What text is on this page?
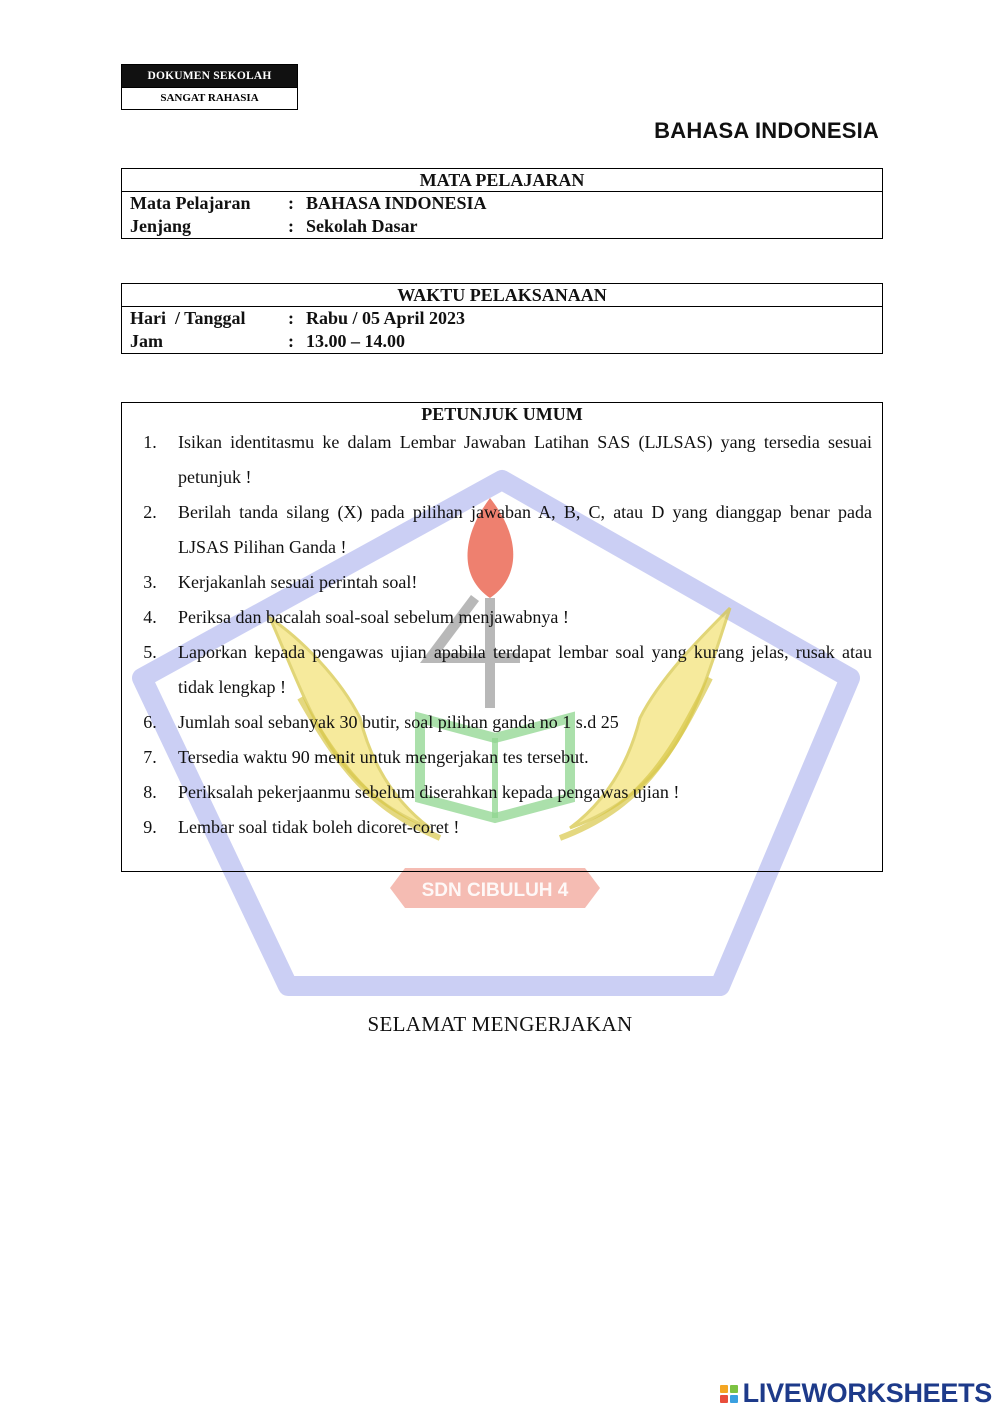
SDN CIBULUH 4
DOKUMEN SEKOLAH
SANGAT RAHASIA
BAHASA INDONESIA
MATA PELAJARAN
Mata Pelajaran	: BAHASA INDONESIA
Jenjang	: Sekolah Dasar
WAKTU PELAKSANAAN
Hari  / Tanggal	: Rabu / 05 April 2023
Jam	: 13.00 – 14.00
PETUNJUK UMUM
1.	Isikan identitasmu ke dalam Lembar Jawaban Latihan SAS (LJLSAS) yang tersedia sesuai petunjuk !
2.	Berilah tanda silang (X) pada pilihan jawaban A, B, C, atau D yang dianggap benar pada LJSAS Pilihan Ganda !
3.	Kerjakanlah sesuai perintah soal!
4.	Periksa dan bacalah soal-soal sebelum menjawabnya !
5.	Laporkan kepada pengawas ujian apabila terdapat lembar soal yang kurang jelas, rusak atau tidak lengkap !
6.	Jumlah soal sebanyak 30 butir, soal pilihan ganda no 1 s.d 25
7.	Tersedia waktu 90 menit untuk mengerjakan tes tersebut.
8.	Periksalah pekerjaanmu sebelum diserahkan kepada pengawas ujian !
9.	Lembar soal tidak boleh dicoret-coret !
SELAMAT MENGERJAKAN
LIVEWORKSHEETS
